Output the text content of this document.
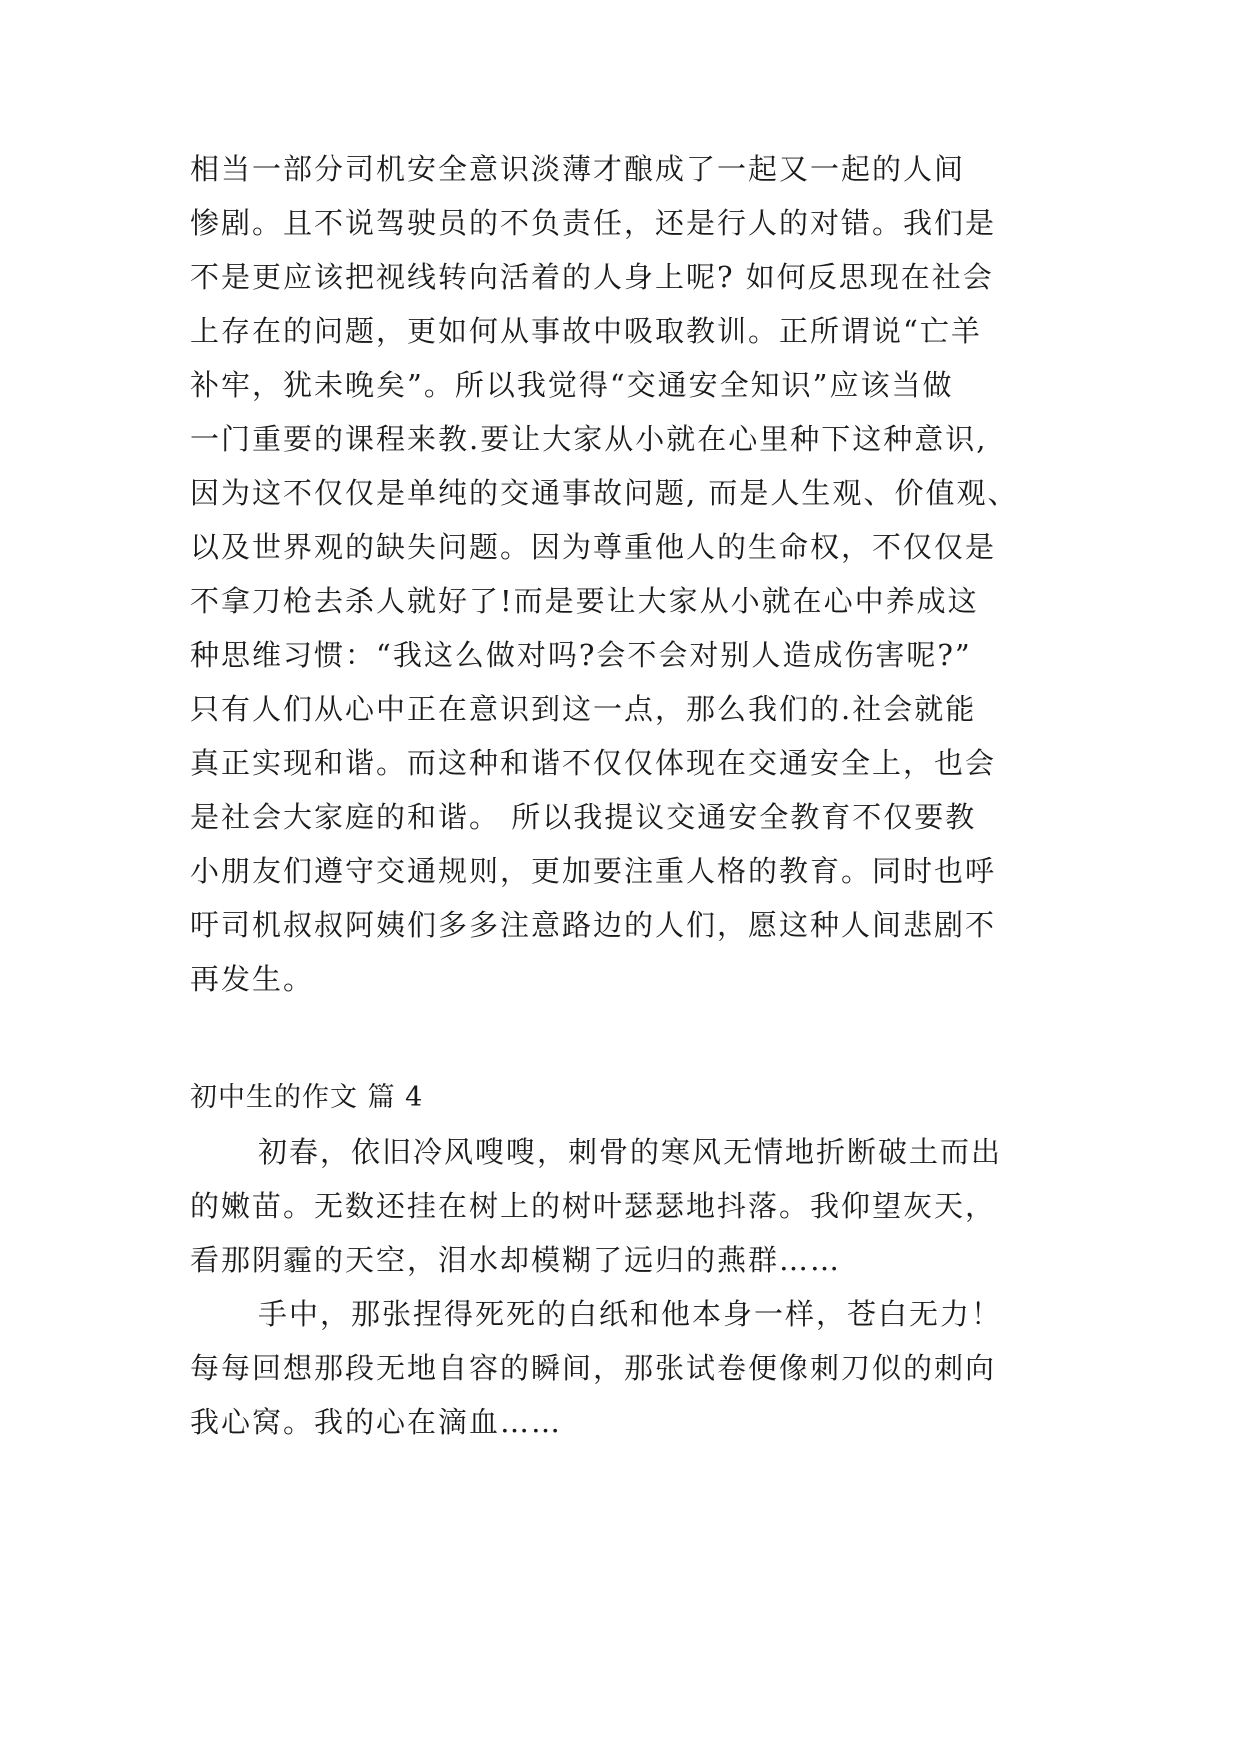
相当一部分司机安全意识淡薄才酿成了一起又一起的人间

惨剧。且不说驾驶员的不负责任，还是行人的对错。我们是

不是更应该把视线转向活着的人身上呢? 如何反思现在社会

上存在的问题，更如何从事故中吸取教训。正所谓说“亡羊

补牢，犹未晚矣”。所以我觉得“交通安全知识”应该当做

一门重要的课程来教.要让大家从小就在心里种下这种意识,

因为这不仅仅是单纯的交通事故问题, 而是人生观、价值观、

以及世界观的缺失问题。因为尊重他人的生命权，不仅仅是

不拿刀枪去杀人就好了!而是要让大家从小就在心中养成这

种思维习惯：“我这么做对吗?会不会对别人造成伤害呢?”

只有人们从心中正在意识到这一点，那么我们的.社会就能

真正实现和谐。而这种和谐不仅仅体现在交通安全上，也会

是社会大家庭的和谐。 所以我提议交通安全教育不仅要教

小朋友们遵守交通规则，更加要注重人格的教育。同时也呼

吁司机叔叔阿姨们多多注意路边的人们，愿这种人间悲剧不

再发生。

初中生的作文 篇 4

初春，依旧冷风嗖嗖，刺骨的寒风无情地折断破土而出

的嫩苗。无数还挂在树上的树叶瑟瑟地抖落。我仰望灰天，

看那阴霾的天空，泪水却模糊了远归的燕群……

手中，那张捏得死死的白纸和他本身一样，苍白无力！

每每回想那段无地自容的瞬间，那张试卷便像刺刀似的刺向

我心窝。我的心在滴血……
